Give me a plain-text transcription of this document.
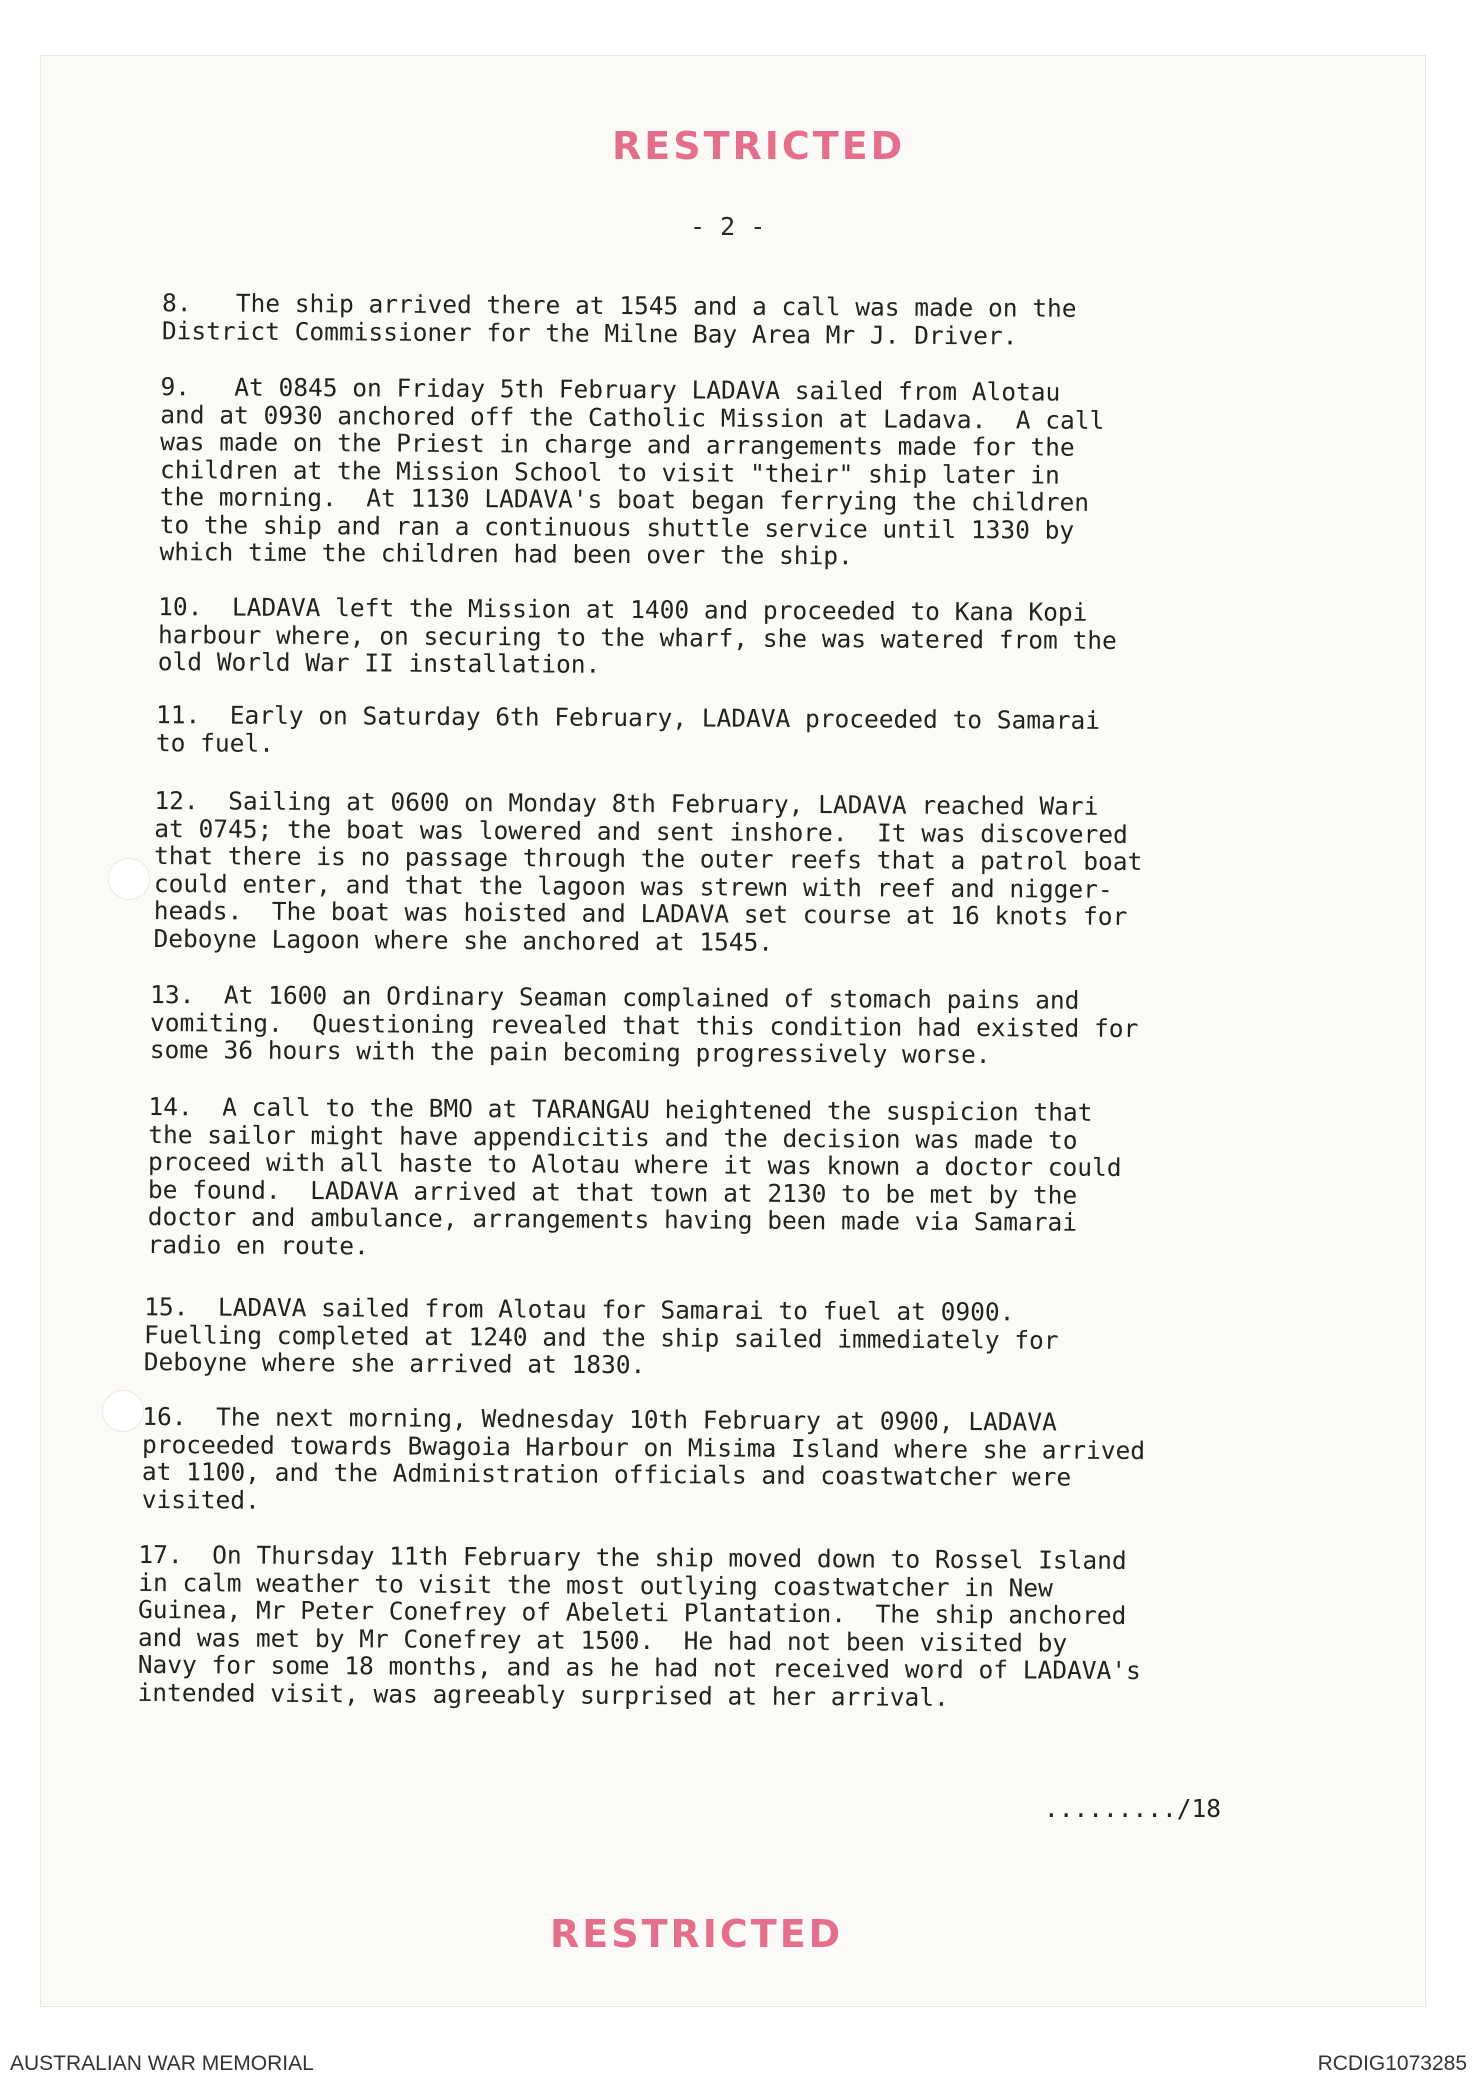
RESTRICTED
- 2 -
8.   The ship arrived there at 1545 and a call was made on the
District Commissioner for the Milne Bay Area Mr J. Driver.
9.   At 0845 on Friday 5th February LADAVA sailed from Alotau
and at 0930 anchored off the Catholic Mission at Ladava.  A call
was made on the Priest in charge and arrangements made for the
children at the Mission School to visit "their" ship later in
the morning.  At 1130 LADAVA's boat began ferrying the children
to the ship and ran a continuous shuttle service until 1330 by
which time the children had been over the ship.
10.  LADAVA left the Mission at 1400 and proceeded to Kana Kopi
harbour where, on securing to the wharf, she was watered from the
old World War II installation.
11.  Early on Saturday 6th February, LADAVA proceeded to Samarai
to fuel.
12.  Sailing at 0600 on Monday 8th February, LADAVA reached Wari
at 0745; the boat was lowered and sent inshore.  It was discovered
that there is no passage through the outer reefs that a patrol boat
could enter, and that the lagoon was strewn with reef and nigger-
heads.  The boat was hoisted and LADAVA set course at 16 knots for
Deboyne Lagoon where she anchored at 1545.
13.  At 1600 an Ordinary Seaman complained of stomach pains and
vomiting.  Questioning revealed that this condition had existed for
some 36 hours with the pain becoming progressively worse.
14.  A call to the BMO at TARANGAU heightened the suspicion that
the sailor might have appendicitis and the decision was made to
proceed with all haste to Alotau where it was known a doctor could
be found.  LADAVA arrived at that town at 2130 to be met by the
doctor and ambulance, arrangements having been made via Samarai
radio en route.
15.  LADAVA sailed from Alotau for Samarai to fuel at 0900.
Fuelling completed at 1240 and the ship sailed immediately for
Deboyne where she arrived at 1830.
16.  The next morning, Wednesday 10th February at 0900, LADAVA
proceeded towards Bwagoia Harbour on Misima Island where she arrived
at 1100, and the Administration officials and coastwatcher were
visited.
17.  On Thursday 11th February the ship moved down to Rossel Island
in calm weather to visit the most outlying coastwatcher in New
Guinea, Mr Peter Conefrey of Abeleti Plantation.  The ship anchored
and was met by Mr Conefrey at 1500.  He had not been visited by
Navy for some 18 months, and as he had not received word of LADAVA's
intended visit, was agreeably surprised at her arrival.
........./18
RESTRICTED
AUSTRALIAN WAR MEMORIAL	RCDIG1073285
